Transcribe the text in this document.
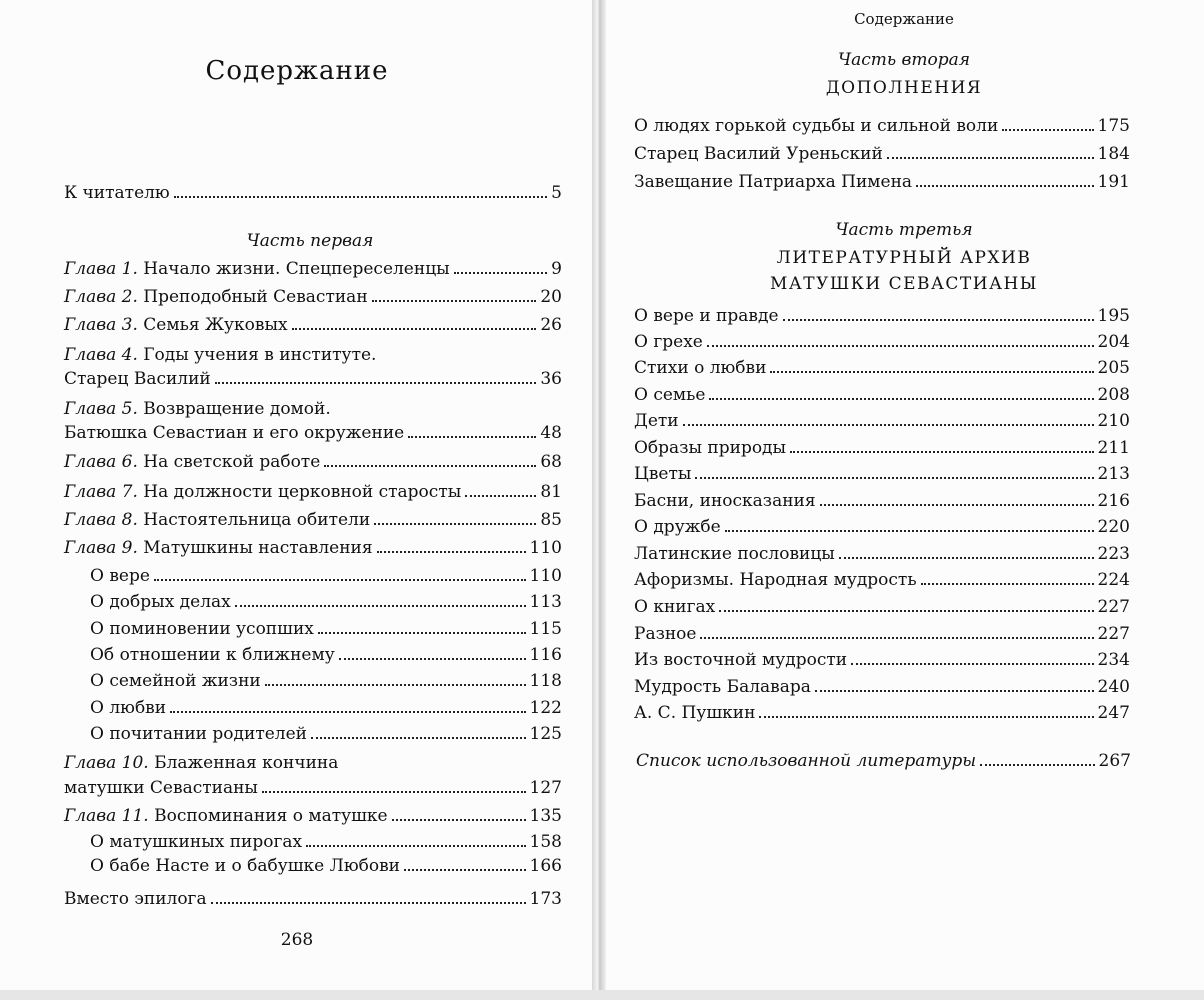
Содержание
К читателю	5
Часть первая
Глава 1. Начало жизни. Спецпереселенцы	9
Глава 2. Преподобный Севастиан	20
Глава 3. Семья Жуковых	26
Глава 4. Годы учения в институте.
Старец Василий	36
Глава 5. Возвращение домой.
Батюшка Севастиан и его окружение	48
Глава 6. На светской работе	68
Глава 7. На должности церковной старосты	81
Глава 8. Настоятельница обители	85
Глава 9. Матушкины наставления	110
О вере	110
О добрых делах	113
О поминовении усопших	115
Об отношении к ближнему	116
О семейной жизни	118
О любви	122
О почитании родителей	125
Глава 10. Блаженная кончина
матушки Севастианы	127
Глава 11. Воспоминания о матушке	135
О матушкиных пирогах	158
О бабе Насте и о бабушке Любови	166
Вместо эпилога	173
268
Содержание
Часть вторая
ДОПОЛНЕНИЯ
О людях горькой судьбы и сильной воли	175
Старец Василий Уреньский	184
Завещание Патриарха Пимена	191
Часть третья
ЛИТЕРАТУРНЫЙ АРХИВ
МАТУШКИ СЕВАСТИАНЫ
О вере и правде	195
О грехе	204
Стихи о любви	205
О семье	208
Дети	210
Образы природы	211
Цветы	213
Басни, иносказания	216
О дружбе	220
Латинские пословицы	223
Афоризмы. Народная мудрость	224
О книгах	227
Разное	227
Из восточной мудрости	234
Мудрость Балавара	240
А. С. Пушкин	247
Список использованной литературы	267
